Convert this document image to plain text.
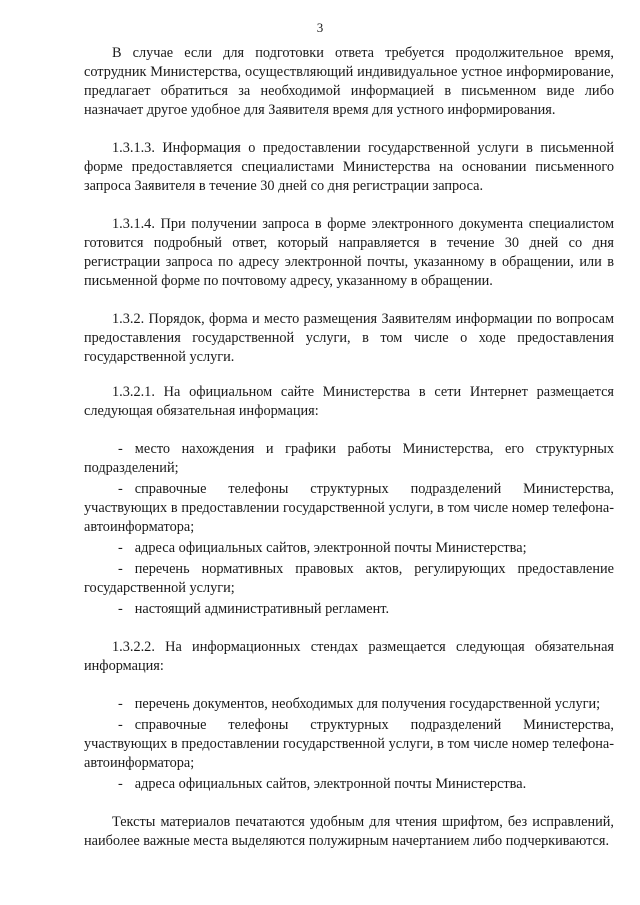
3

В случае если для подготовки ответа требуется продолжительное время, сотрудник Министерства, осуществляющий индивидуальное устное информирование, предлагает обратиться за необходимой информацией в письменном виде либо назначает другое удобное для Заявителя время для устного информирования.

1.3.1.3. Информация о предоставлении государственной услуги в письменной форме предоставляется специалистами Министерства на основании письменного запроса Заявителя в течение 30 дней со дня регистрации запроса.

1.3.1.4. При получении запроса в форме электронного документа специалистом готовится подробный ответ, который направляется в течение 30 дней со дня регистрации запроса по адресу электронной почты, указанному в обращении, или в письменной форме по почтовому адресу, указанному в обращении.

1.3.2. Порядок, форма и место размещения Заявителям информации по вопросам предоставления государственной услуги, в том числе о ходе предоставления государственной услуги.

1.3.2.1. На официальном сайте Министерства в сети Интернет размещается следующая обязательная информация:

- место нахождения и графики работы Министерства, его структурных подразделений;

- справочные телефоны структурных подразделений Министерства, участвующих в предоставлении государственной услуги, в том числе номер телефона-автоинформатора;

- адреса официальных сайтов, электронной почты Министерства;

- перечень нормативных правовых актов, регулирующих предоставление государственной услуги;

- настоящий административный регламент.

1.3.2.2. На информационных стендах размещается следующая обязательная информация:

- перечень документов, необходимых для получения государственной услуги;

- справочные телефоны структурных подразделений Министерства, участвующих в предоставлении государственной услуги, в том числе номер телефона-автоинформатора;

- адреса официальных сайтов, электронной почты Министерства.

Тексты материалов печатаются удобным для чтения шрифтом, без исправлений, наиболее важные места выделяются полужирным начертанием либо подчеркиваются.
